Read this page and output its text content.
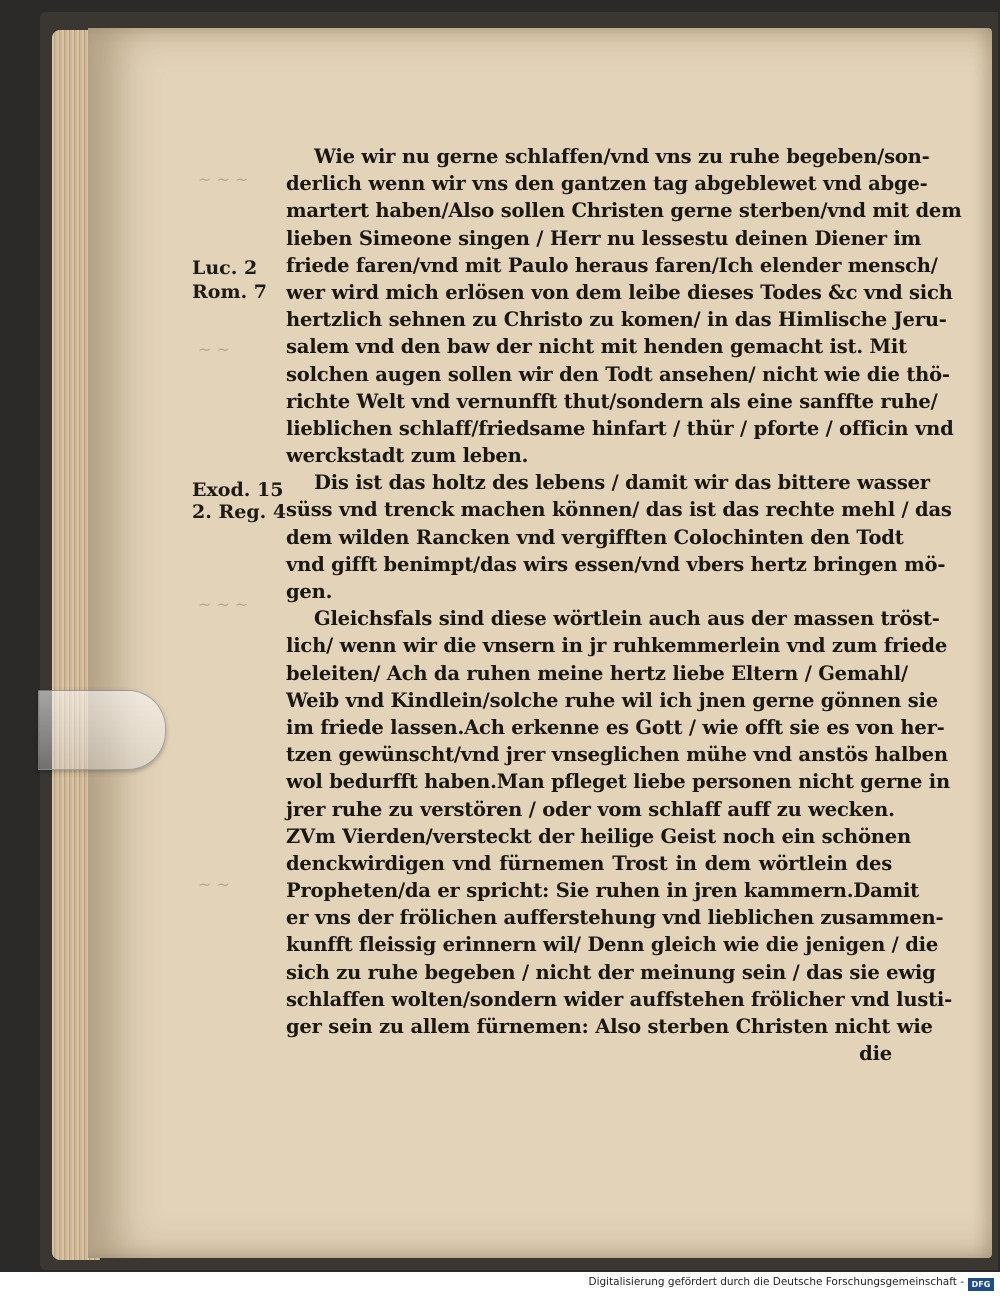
~ ~ ~
~ ~
~ ~ ~
~ ~
Luc. 2
Rom. 7
Exod. 15
2. Reg. 4
Wie wir nu gerne schlaffen/vnd vns zu ruhe begeben/son-
derlich wenn wir vns den gantzen tag abgeblewet vnd abge-
martert haben/Also sollen Christen gerne sterben/vnd mit dem
lieben Simeone singen / Herr nu lessestu deinen Diener im
friede faren/vnd mit Paulo heraus faren/Ich elender mensch/
wer wird mich erlösen von dem leibe dieses Todes &c vnd sich
hertzlich sehnen zu Christo zu komen/ in das Himlische Jeru-
salem vnd den baw der nicht mit henden gemacht ist. Mit
solchen augen sollen wir den Todt ansehen/ nicht wie die thö-
richte Welt vnd vernunfft thut/sondern als eine sanffte ruhe/
lieblichen schlaff/friedsame hinfart / thür / pforte / officin vnd
werckstadt zum leben.
Dis ist das holtz des lebens / damit wir das bittere wasser
süss vnd trenck machen können/ das ist das rechte mehl / das
dem wilden Rancken vnd vergifften Colochinten den Todt
vnd gifft benimpt/das wirs essen/vnd vbers hertz bringen mö-
gen.
Gleichsfals sind diese wörtlein auch aus der massen tröst-
lich/ wenn wir die vnsern in jr ruhkemmerlein vnd zum friede
beleiten/ Ach da ruhen meine hertz liebe Eltern / Gemahl/
Weib vnd Kindlein/solche ruhe wil ich jnen gerne gönnen sie
im friede lassen.Ach erkenne es Gott / wie offt sie es von her-
tzen gewünscht/vnd jrer vnseglichen mühe vnd anstös halben
wol bedurfft haben.Man pfleget liebe personen nicht gerne in
jrer ruhe zu verstören / oder vom schlaff auff zu wecken.
ZVm Vierden/versteckt der heilige Geist noch ein schönen
denckwirdigen vnd fürnemen Trost in dem wörtlein des
Propheten/da er spricht: Sie ruhen in jren kammern.Damit
er vns der frölichen aufferstehung vnd lieblichen zusammen-
kunfft fleissig erinnern wil/ Denn gleich wie die jenigen / die
sich zu ruhe begeben / nicht der meinung sein / das sie ewig
schlaffen wolten/sondern wider auffstehen frölicher vnd lusti-
ger sein zu allem fürnemen: Also sterben Christen nicht wie
die
Digitalisierung gefördert durch die Deutsche Forschungsgemeinschaft - DFG
